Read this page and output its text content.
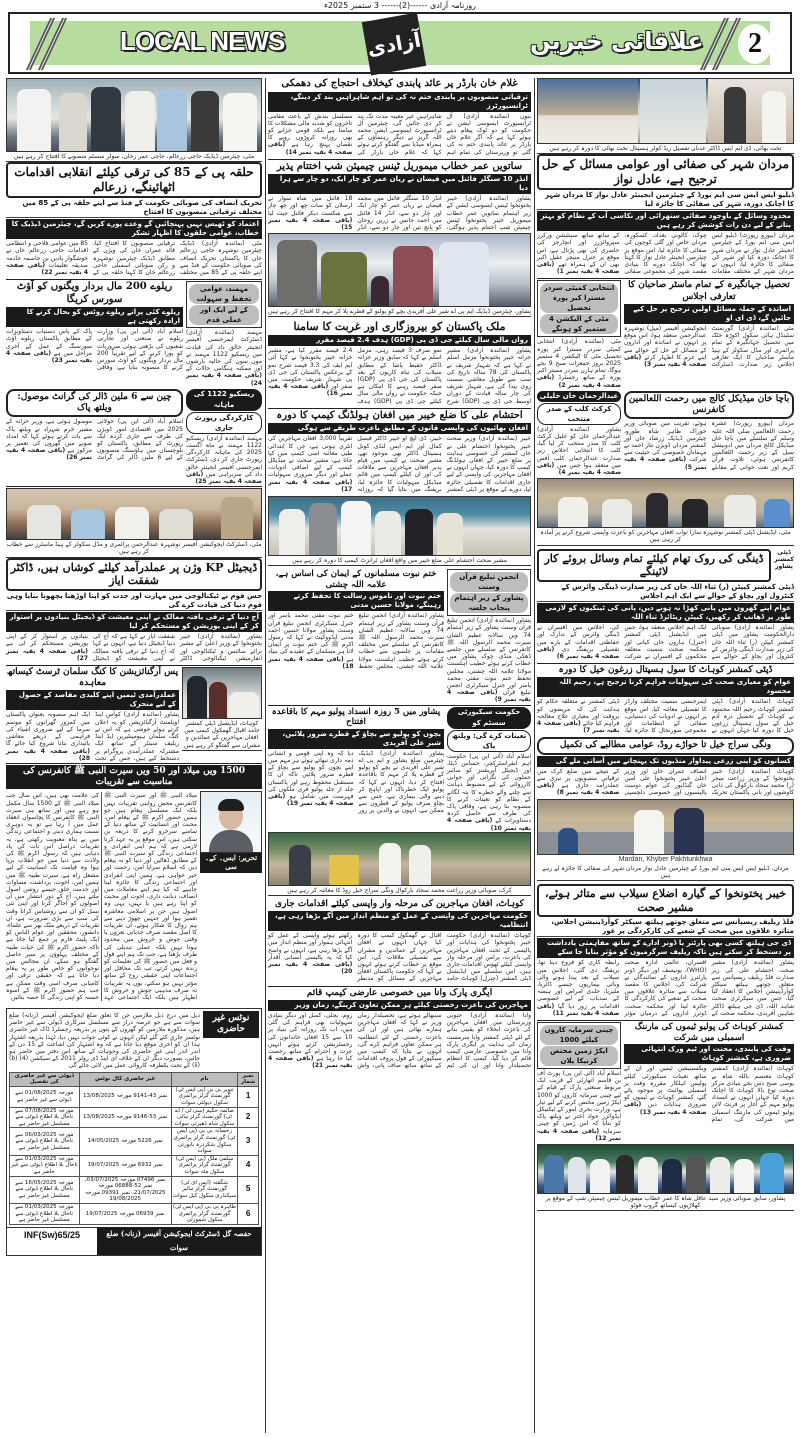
روزنامہ آزادی ------(2)------ 3 ستمبر 2025ء
LOCAL NEWS	آزادی	علاقائی خبریں	2
مٹی، چیئرمین ڈیڈیک حاجی زرعالم، حاجی عمر زخان، سولر سسٹم منصوبے کا افتتاح کر رہے ہیں
حلقہ پی کے 85 کی ترقی کیلئے انقلابی اقدامات اٹھائینگے، زرعالم
تحریک انصاف کی صوبائی حکومت کے فنڈ سے اپنے حلقہ پی کے 85 میں مختلف ترقیاتی منصوبوں کا افتتاح
اعتماد کو ٹھیس نہیں پہنچائیں گے وعدے پورے کریں گے، چیئرمین ڈیڈیک کا خطاب، عوامی حلقوں کا اظہار تشکر
مٹی (نمائندہ آزادی) ڈیڈیک چیئرمین نوشہرہ حاجی زرعالم خان کا پاکستان تحریک انصاف کی صوبائی حکومت کے فنڈ سے اپنے حلقہ پی کے 85 میں مختلف ترقیاتی منصوبوں کا افتتاح کیا، قائد عمران خان کی ویژن کے مطابق ڈیڈیک چیئرمین نوشہرہ و رکن صوبائی اسمبلی حاجی زرعالم خان کا کہنا حلقہ پی کے 85 میں عوامی فلاحی و انتظامی اقدامات حاجی زرعالم خان نے خوشگوار یادیں بن جاسمہ خادمہ صدیقہ تعلیمات (باقی صفحہ 4 بقیہ نمبر 22)
ریلوے 200 مال بردار ویگنوں کو آؤٹ سورس کریگا
ریلوے کئی پرانے ریلوے روٹس کو بحال کرنے کا ارادہ رکھتی ہے
اسلام آباد (آئی این پی) وزارت ریلوے نے صنعتی اور تجارتی شعبوں کی بڑھتی ہوئی ضروریات کو پورا کرنے کے لیے تقریباً 200 مال بردار ویگنوں کو آؤٹ سورس کرنے کا منصوبہ بنایا ہے، وفاقی پاک کے پاس دستیاب دستاویزات کے مطابق پاکستان ریلوے آؤٹ سورسنگ کے عمل کے آخری مراحل میں ہے (باقی صفحہ 4 بقیہ نمبر 23)
مہمند، عوامی تحفظ و سہولت
کے لیے ایک اور عملی قدم
مہمند (نمائندہ آزادی) ڈسٹرکٹ ایمرجنسی آفیسر انجینئر خالق داد کی قیادت میں ریسکیو 1122 مہمند نے مون سون کی حالیہ بارشوں اور ممکنہ ہنگامی حالات کے (باقی صفحہ 4 بقیہ نمبر 24)
چین سے 6 ملین ڈالر کی گرانٹ موصول: ویلتھ پاک
اسلام آباد (آئی این پی) جولائی 2025 میں اقتصادی امور ڈویژن کی طرف سے جاری کردہ ایک رپورٹ کے مطابق، پاکستان کو بلوچستان میں ہاؤسنگ منصوبوں کے لیے 6 ملین ڈالر کی گرانٹ موصول ہوئی ہے، وزیر خزانہ کے مشیر خرم شہزاد نے ویلتھ پاک سے بات کرتے ہوئے کہا کہ امداد صوبے میں گھروں کی تعمیر پر مرکوز ہے (باقی صفحہ 4 بقیہ نمبر 26)
ریسکیو 1122 کی ماہانہ
کارکردگی رپورٹ جاری
مہمند (نمائندہ آزادی) ریسکیو 1122 مہمند نے ماہ اگست 2025 کی ماہانہ کارکردگی رپورٹ جاری کر دی، ڈسٹرکٹ ایمرجنسی آفیسر انجینئر خالق داد کی سربراہی میں (باقی صفحہ 4 بقیہ نمبر 25)
مٹی، ڈسٹرکٹ ایجوکیشن آفیسر نوشہرہ عبدالرحمن پرائمری و مڈل سکولز کے ہیڈ ماسٹرز سے خطاب کر رہے ہیں
ڈیجیٹل KP وژن پر عملدرآمد کیلئے کوشاں ہیں، ڈاکٹر شفقت ایاز
جس قوم نے ٹیکنالوجی میں مہارت اور جدت کو اپنا اوڑھنا بچھونا بنایا وہی قوم دنیا کی قیادت کرے گی
آج دنیا کے ترقی یافتہ ممالک نے اپنی معیشت کو ڈیجیٹل بنیادوں پر استوار کر کے اپنی پوزیشن کو مستحکم کر لیا
پشاور (نمائندہ آزادی) خیبر پختونخوا کے وزیر اعلیٰ کے مشیر برائے سائنس و ٹیکنالوجی اور انفارمیشن ٹیکنالوجی ڈاکٹر شفقت ایاز نے کہا ہے کہ آج کی دنیا ڈیجیٹل دنیا ہے، انہوں نے کہا کہ آج دنیا کے ترقی یافتہ ممالک نے اپنی معیشت کو ڈیجیٹل بنیادوں پر استوار کر کے اپنی پوزیشن مستحکم کر لی ہے (باقی صفحہ 4 بقیہ نمبر 27)
پس آرگنائزیشن کا کنگ سلمان ٹرسٹ کیساتھ معاہدہ
عملدرآمدی ٹیمیں اپنے کلیدی مقاصد کے حصول کے لیے متحرک
پشاور (نمائندہ آزادی) کوآس اینڈ اوپلمنٹ آرگنائزیشن کو یہ اعلان کرتے ہوئے خوشی ہے کہ اس نے کنگ سلمان ہیومینٹیرین ایڈ اینڈ ریلیف سینٹر کے ساتھ ایک مشترکہ عملدرآمدی پروگرام پر دستخط کیے ہیں، جس کے تحت ایک اہم منصوبہ بعنوان پاکستان میں کمزور گھرانوں کو موسم سرما کے لیے ضروری اشیاء کی فراہمی کے ذریعے معاشی پائیداری بنانا شروع کیا جائے گا (باقی صفحہ 4 بقیہ نمبر 28)
کوہاٹ، ایڈیشنل ڈپٹی کمشنر حامد اقبال گھمکول کیمپ میں افغان مہاجرین کے عمائدین و مشران سے گفتگو کر رہے ہیں
1500 ویں میلاد اور 50 ویں سیرت النبی ﷺ کانفرنس کی مناسبت سے تقریبات
میلاد النبی ﷺ اور سیرت النبی ﷺ کانفرنس محض روایتی تقریبات نہیں بلکہ ایک مسلسل پیغام ہیں جو ہمیں حضور اکرم ﷺ کے پیغام امن، محبت اور انسانیت کے ساتھ دنیا کے سامنے سرخرو کرنے کا ذریعہ بن سکتی ہیں، اس موقع پر یہ عہد کرنا لازمی ہے کہ ہم اپنی انفرادی و اجتماعی زندگی کو سیرت النبی ﷺ کے مطابق ڈھالیں اور دنیا کو یہ پیغام دیں کہ اسلام سراپا امن، رحمت اور خیر خواہی ہے، ہمیں اپنی انفرادی اور اجتماعی زندگی کا جائزہ لینا چاہیے کہ کیا ہم اپنے معاملات میں انصاف، دیانت داری، اخوت اور محبت کو اپنا رہے ہیں یا نہیں، یہی وہ اصول ہیں جن پر اسلامی معاشرہ تعمیر ہوا اور جنہیں چھوڑ دینے سے ہم زوال کا شکار ہوئے، ان تقریبات کا اصل مقصد صرف جذباتی نعروں یا وقتی جوش و خروش میں محدود ہونا نہیں بلکہ عملی تبدیلی کی طرف بڑھنا ہے، جب تک ہم اپنے قول و فعل میں حضور ﷺ کی تعلیمات کو زندہ نہیں کرتے، تب تک محافل اور اجتماعات اپنی حقیقی روح کے ساتھ مؤثر نہیں ہو سکتے، یوں یہ تقریبات نہ صرف مذہبی جوش و خروش کا اظہار ہیں بلکہ ایک اجتماعی عہد کی علامت بھی ہیں، اس سال جب میلاد النبی ﷺ کے 1500 سال مکمل ہو رہے ہیں اور ساتھ ہی سیرت النبی ﷺ کانفرنس کا پچاسواں انعقاد عمل میں آ رہا ہے تو یہ دوہری نسبت ہماری دینی و اجتماعی زندگی میں بے پناہ معنویت رکھتی ہے، یہ تقریبات دراصل اس بات کی یاد دہانی ہیں کہ رسول اکرم ﷺ کی ولادت سے دنیا میں جو انقلاب برپا ہوا وہ قیامت تک انسانیت کے لیے مشعل راہ ہے، سیرت طیبہ ﷺ میں ہمیں امن، اخوت، برداشت، مساوات اور خدمت خلق جیسے روشن اصول ملتے ہیں، آج کے دور انتشار میں ان اصولوں کو اجاگر کرنا اور اپنی نئی نسل کو ان سے روشناس کرانا وقت کی سب سے بڑی ضرورت ہے، ان تقریبات کے ذریعے ملک بھر سے علماء، دانشور، محققین اور عوام الناس کو ایک پلیٹ فارم پر جمع کیا جاتا ہے تاکہ حضور اکرم ﷺ کی حیات طیبہ کے مختلف پہلوؤں پر سیر حاصل گفتگو ہو سکے، ان مجالس میں نوجوانوں کو خاص طور پر یہ پیغام دیا جاتا ہے کہ حقیقی ترقی اور کامیابی صرف اسی وقت ممکن ہے جب ہم حضور اکرم ﷺ کے اسوہ حسنہ کو اپنی زندگی کا حصہ بنائیں
تحریر: ایس۔ کے۔ سی
غلام خان بارڈر پر عائد پابندی کیخلاف احتجاج کی دھمکی
ترقیاتی منصوبوں پر پابندی ختم نہ کی تو اہم شاہراہیں بند کر دینگے، ٹرانسپورٹرز
بنوں (نمائندہ آزادی) آل ٹرانسپورٹ ایسوسی ایشن نے حکومت کو دو ٹوک پیغام دیتے ہوئے کہا ہے کہ اگر غلام خان بارڈر پر عائد پابندی ختم نہ کی گئی تو وزیرستان کی تمام اہم شاہراہیں غیر معینہ مدت تک بند کر دی جائیں گی، چیئرمین آل ٹرانسپورٹ ایسوسی ایشن محمد اللہ گریز نے دیگر رہنماؤں کے ہمراہ میڈیا سے گفتگو کرتے ہوئے کہا کہ غلام خان بارڈر کی مسلسل بندش کے باعث مقامی تاجروں کو شدید مالی مشکلات کا سامنا ہے بلکہ قومی خزانے کو بھی روزانہ کروڑوں روپے کا نقصان پہنچ رہا ہے (باقی صفحہ 4 بقیہ نمبر 14)
ساتویں عمر خطاب میموریل ٹینس چیمپئن شپ اختتام پذیر
انڈر 10 سنگلز فائنل میں فیضان نے ریان عمر کو چار ایک، دو چار سے ہرا دیا
پشاور (نمائندہ آزادی) خیبر پختونخوا ٹینس ایسوسی ایشن کے زیر اہتمام ساتویں عمر خطاب میموریل خیبر پختونخوا ٹینس چیمپئن شپ اختتام پذیر ہوگئی، انڈر 10 سنگلز فائنل میں محمد فیضان نے ریان عمر کو چار ایک اور چار دو سے، انڈر 14 فائنل میں احمد جانس نے زرین روحان کو پانچ تین اور چار دو سے، انڈر 18 فائنل میں شاہ سوار نے ارسلان کو سات چھ اور چھ چار سے شکست دیکر فائنل جیت لیا (باقی صفحہ 4 بقیہ نمبر 15)
پشاور، چیئرمین ڈیڈیک ایم پی اے شیر علی آفریدی بچے کو پولیو کے قطرے پلا کر مہم کا افتتاح کر رہے ہیں
ملک پاکستان کو بیروزگاری اور غربت کا سامنا
رواں مالی سال کیلئے جی ڈی پی (GDP) ہدف 2.4 فیصد مقرر
پشاور (نمائندہ آزادی) مشیر خزانہ خیبر پختونخوا مزمل اسلم نے کہا ہے کہ شہباز شریف نے پاکستان کی 78 سالہ تاریخ کی سب سے طویل معاشی سست روی پیدا کی ہے، شہباز شریف کی چار سالہ قیادت کے دوران اوسط جی ڈی پی (GDP) شرح نمو صرف 3 فیصد رہی، مزمل اسلم نے کہا کہ سابق وزیر خزانہ ڈاکٹر حفیظ پاشا کے مطابق سیلاب کی تباہ کاریوں کے بعد پاکستان کی جی ڈی پی (GDP) صفر فیصد رہنے کا امکان ہے جبکہ حکومت نے رواں مالی سال کیلئے جی ڈی پی (GDP) ہدف 2.4 فیصد مقرر کیا ہے، مشیر خزانہ خیبر پختونخوا نے کہا آئی ایم ایف کی 3.3 فیصد شرح نمو کے برعکس پاکستان کی جی ڈی پی شہباز شریف حکومت میں صفر اور (باقی صفحہ 4 بقیہ نمبر 16)
احتشام علی کا ضلع خیبر میں افغان ہولڈنگ کیمپ کا دورہ
افغان بھائیوں کی واپسی قانون کے مطابق باعزت طریقے سے ہوگی
خیبر (نمائندہ آزادی) وزیر صحت خیبر پختونخوا احتشام علی نے خان کمشنر کی خصوصی ہدایت پر ضلع خیبر کے افغان ہولڈنگ کیمپ کا دورہ کیا، جہاں انہوں نے افغان مہاجرین کی واپسی کے لیے جاری اقدامات کا تفصیلی جائزہ لیا، دورے کے موقع پر ڈپٹی کمشنر خیبر، ڈی ایچ او خیبر ڈاکٹر فیصل کمال اور ایم ایس لنڈی کوتل ہسپتال ڈاکٹر بھی موجود تھے، مشیر صحت نے کیمپ میں قیام پذیر افغان مہاجرین سے ملاقات کی اور ان کیلئے کیمپ میں قائم میڈیکل سہولیات کا جائزہ لیا، بریفنگ میں بتایا گیا کہ روزانہ تقریباً 3,000 افغان مہاجرین کی انٹری ہوتی ہے، جن کا ابتدائی طبی معائنہ اسی کیمپ میں کیا جاتا ہے، مشیر صحت نے میڈیکل کیمپ کے لیے اضافی ادویات، عملے اور دیگر ضروری سہولیات (باقی صفحہ 4 بقیہ نمبر 17)
مشیر صحت احتشام علی ضلع خیبر میں واقع افغان ٹرانزٹ کیمپ کا دورہ کر رہے ہیں
ختم نبوت مسلمانوں کے ایمان کی اساس ہے، علامہ اللہ چشتی
ختم نبوت اور ناموس رسالت کا تحفظ کرتے رہینگے، مولانا حسین مدنی
پشاور (نمائندہ آزادی) انجمن تبلیغ قرآن وسنت پشاور کے زیر اہتمام 74 ویں سالانہ عظیم الشان سیرت محمد الرسول اللہ ﷺ کانفرنس کے سلسلے میں مختلف مقامات پر جلسوں سے خطاب کرتے ہوئے خطیب اہلسنت مولانا علامہ اللہ چشتی، مجلس تحفظ ختم نبوت مفتی محمد یاسر اور جنرل سیکرٹری انجمن تبلیغ قرآن وسنت پشاور مولانا حسین احمد مدنی ایڈووکیٹ نے کہا کہ رسول اکرم ﷺ کی ختم نبوت پر ایمان لانا ہر مسلمان کے عقیدے کی بنیاد ہے (باقی صفحہ 4 بقیہ نمبر 18)
انجمن تبلیغ قرآن وسنت
پشاور کے زیر اہتمام پنجاب جلسہ
پشاور (نمائندہ آزادی) انجمن تبلیغ قرآن وسنت پشاور کے زیر اہتمام 74 ویں سالانہ عظیم الشان سیرت محمد الرسول اللہ ﷺ کانفرنس کے سلسلے میں جلسے ڈھکی منڈی چوک پشاور میں خطاب کرتے ہوئے خطیب اہلسنت مولانا علامہ اللہ چشتی، مجلس تحفظ ختم نبوت مفتی محمد یاسر اور جنرل سیکرٹری انجمن تبلیغ قرآن (باقی صفحہ 4 بقیہ نمبر 9)
پشاور میں 5 روزہ انسداد پولیو مہم کا باقاعدہ افتتاح
بچوں کو پولیو سے بچاؤ کے قطرے ضرور پلائیں، شیر علی آفریدی
پشاور (نمائندہ آزادی) ڈیڈیک چیئرمین ضلع پشاور و ایم پی اے شیر علی آفریدی نے بچے کو پولیو کے قطرے پلا کر مہم کا باقاعدہ افتتاح کر دیا، انہوں نے کہا کہ پولیو ایک خطرناک اور اپاہج کر دینے والی بیماری ہے، جس سے بچاؤ صرف پولیو کے قطروں سے ممکن ہے، انہوں نے والدین پر زور دیا کہ وہ اپنی قومی و انسانی ذمہ داری نبھاتے ہوئے ہر مہم میں اپنے بچوں کو پولیو سے بچاؤ کے قطرے ضرور پلائیں تاکہ ان کا مستقبل محفوظ رہے اور پاکستان جلد از جلد پولیو فری ملکوں کی فہرست میں شامل ہو (باقی صفحہ 4 بقیہ نمبر 19)
حکومت سیکیورٹی سسٹم کو
تعینات کرے گی: ویلتھ پاک
اسلام آباد (آئی این پی) حکومت اہم انفراسٹرکچر، حساس ڈیٹا، اور ڈیجیٹل آپریشنز کو سائبر حملوں کی نگرانی اور جوابی کارروائی کے لیے مضبوط ذہانت سے چلنے والے خطرے کا پتہ لگانے کے نظام کو تعینات کرنے کا منصوبہ بنا رہی ہے، وفاقی پاک کی طرف سے حاصل کردہ دستاویزات کے (باقی صفحہ 4 بقیہ نمبر 10)
کرک، صوبائی وزیر زراعت محمد سجاد بارکوال ونگی سراج خیل روڈ کا معائنہ کر رہے ہیں
کوہاٹ، افغان مہاجرین کی مرحلہ وار واپسی کیلئے اقدامات جاری
حکومت مہاجرین کی واپسی کے عمل کو منظم انداز میں آگے بڑھا رہی ہے، انتظامیہ
کوہاٹ (نمائندہ آزادی) حکومت خیبر پختونخوا کی ہدایات اور پالیسی کے تحت افغان مہاجرین کی باعزت، پرامن اور مرحلہ وار واپسی کیلئے ٹھوس اقدامات جاری ہیں، اس سلسلے میں ایڈیشنل ڈپٹی کمشنر (جنرل) کوہاٹ حامد اقبال نے گھمکول کیمپ کا دورہ کیا جہاں انہوں نے افغان مہاجرین کے عمائدین و مشران سے تفصیلی ملاقات کی، اس موقع پر خطاب کرتے ہوئے انہوں نے کہا کہ حکومت پاکستان افغان مہاجرین کے مسائل کو مدنظر رکھتے ہوئے واپسی کے عمل کو انتہائی ہموار اور منظم انداز میں آگے بڑھا رہی ہے، انہوں نے واضح کیا کہ یہ پالیسی انسانی اقدار (باقی صفحہ 4 بقیہ نمبر 20)
ایگری پارک وانا میں خصوصی عارضی کیمپ قائم
مہاجرین کی باعزت رخصتی کیلئے ہر ممکن تعاون کرینگے، زمان وزیر
وانا (نمائندہ آزادی) جنوبی وزیرستان میں افغان مہاجرین کی باعزت انخلاء کو یقینی بنانے کے لئے ڈپٹی کمشنر وانا سرمست زمان کی ہدایت پر ایگری پارک وانا میں خصوصی عارضی کیمپ قائم کر دیا گیا، کیمپ کا انتظام تحصیلدار وانا اور ان کی ٹیم سنبھالے ہوئے ہے، تحصیلدار زمان وزیر نے کہا کہ افغان مہاجرین ہمارے بھائی ہیں اور ان کی باعزت رخصتی کے لئے انتظامیہ ہر ممکن تعاون فراہم کرے گی، انہوں نے بتایا کہ کیمپ میں سیکیورٹی کے فول پروف اقدامات کے ساتھ ساتھ صاف پانی، واش روم، بجلی، کمبل اور دیگر بنیادی سہولیات بھی فراہم کی گئی ہیں، اب تک روزانہ کی بنیاد پر 10 سے 15 افغان خاندانوں کی رجسٹریشن کرتے ہوئے انہیں عزت و احترام کے ساتھ رخصت کیا جا رہا ہے (باقی صفحہ 4 بقیہ نمبر 21)
تخت بھائی، ڈی ایم ایس ڈاکٹر عدنان تفصیل ریڈ کولر ہسپتال تخت بھائی کا دورہ کر رہے ہیں
مردان شہر کی صفائی اور عوامی مسائل کے حل ترجیح ہے، عادل نواز
ڈبلیو ایس ایس سی ایم بورڈ کے چیئرمین انجینئر عادل نواز کا مردان شہر کا اچانک دورہ، شہر کی صفائی کا جائزہ لیا
محدود وسائل کے باوجود صفائی ستھرائی اور نکاسی آب کے نظام کو بہتر بنانے کے لیے دن رات کوشش کر رہے ہیں
مردان (بیورو رپورٹ) ڈبلیو ایس ایس سی ایم بورڈ کے چیئرمین انجینئر عادل نواز نے مردان شہر کا اچانک دورہ کیا اور شہر کی صفائی کا جائزہ لیا، انہوں نے مردان شہر کے مختلف مقامات چوک، کالونی بغداد، کسکورہ، مردان خاص اور گلی کوچوں کی صفائی کا جائزہ لیا، اس موقع پر چیئرمین انجینئر عادل نواز کا کہنا تھا کہ اچانک دورے کا بنیادی مقصد شہر کی مجموعی صفائی کے ساتھ ساتھ سینٹیشن ورکرز سپروائزرز اور انچارجز کی حاضری کی بھی پڑتال ہے، اس موقع پر جنرل منیجر عقیل اکبر بھی ان کے ہمراہ تھے (باقی صفحہ 4 بقیہ نمبر 1)
انتخابی کمیٹی سردر مسترا کبر پورہ تحصیل
مٹی کے الیکشن 4 ستمبر کو ہونگے
مٹی (نمائندہ آزادی) انتخابی کمیٹی سردر مسترا کبر پورہ تحصیل مٹی کا الیکشن 4 ستمبر 2025 بروز جمعرات صبح 9 بجے ہوگا، تمام ہارن سردر مستر اکبر پورہ کے ساتھ رجسٹرڈ (باقی صفحہ 4 بقیہ نمبر 2)
تحصیل جہانگیرہ کے تمام ماسٹر صاحبان کا تعارفی اجلاس
اساتذہ کے جملہ مسائل اولین ترجیح پر حل کیے جائیں گے، ڈی ای او
مٹی (نمائندہ آزادی) گورنمنٹ سٹینڈل ہائی سکول اکوڑہ خٹک میں تحصیل جہانگیرہ کے تمام پرائمری اور مڈل سکولز کے ہیڈ ماسٹر صاحبان کا ایک تعارفی اجلاس زیر صدارت ڈسٹرکٹ ایجوکیشن آفیسر (میل) نوشہرہ عبدالرحمن منعقد ہوا، اس موقع پر انہوں نے اساتذہ اور اداروں کے مسائل کے حل کے حوالے سے اپنے عزم کا اظہار کرتے (باقی صفحہ 4 بقیہ نمبر 3)
عبدالرحمان خان خلیلی
کرکٹ کلب کے صدر منتخب
پشاور (نمائندہ آزادی) عبدالرحمان خان کو خلیل کرکٹ کلب کا صدر منتخب کر لیا گیا، کلب کا انتخابی اجلاس زیر صدارت عبدالرحمان کلب آفس میں منعقد ہوا جس میں (باقی صفحہ 4 بقیہ نمبر 4)
باچا خان میڈیکل کالج میں رحمت اللعالمین کانفرنس
مردان (بیورو رپورٹ) عشرہ رحمت اللعالمین صلی اللہ علیہ وسلم کے سلسلے میں باچا خان میڈیکل کالج مردان میں ادوبیشل سیل کے زیر رحمت اللعالمین کانفرنس ہوئی، تلاوت قرآن کریم اور نعت خوانی کے مقابلے ہوئے، تقریب میں صوبائی وزیر خوراک ظاہر شاہ طورو، چیئرمین ڈیڈیک زرشاد خان اور کمشنر مردان ڈویژن نثار احمد نے مہمانان خصوصی کی حیثیت سے شرکت (باقی صفحہ 4 بقیہ نمبر 5)
مٹی، ایڈیشنل ڈپٹی کمشنر نوشہرہ سارا تواب افغان مہاجرین کو باعزت واپسی شروع کرنے پر آمادہ کر رہی ہیں
ڈینگی کی روک تھام کیلئے تمام وسائل بروئے کار لائینگے
ڈپٹی کمشنر پشاور
ڈپٹی کمشنر کیپٹن (ر) ثناء اللہ خان کی زیر صدارت ڈینگی وائرس کے کنٹرول اور بچاؤ کے حوالے سے ایک اہم اجلاس
عوام اپنے گھروں میں پانی کھڑا نہ ہونے دیں، پانی کی ٹینکیوں کو لازمی طور پر ڈھانپ کر رکھیں، کیپٹن ریٹائرڈ ثناء اللہ
پشاور (نمائندہ آزادی) صوبائی دارالحکومت پشاور میں ڈپٹی کمشنر کیپٹن (ر) ثناء اللہ خان کی زیر صدارت ڈینگی وائرس کے کنٹرول اور بچاؤ کے حوالے سے ایک اہم اجلاس منعقد ہوا، جس میں ایڈیشنل ڈپٹی کمشنر (جنرل) ہارون خان کیانی اور محکمہ صحت سمیت متعلقہ محکموں کے افسران نے شرکت کی، اجلاس میں افسران نے ڈینگی وائرس کے تدارک اور حفاظتی اقدامات کے بارے میں تفصیلی بریفنگ دی (باقی صفحہ 4 بقیہ نمبر 6)
ڈپٹی کمشنر کوہاٹ کا سول ہسپتال زرغون خیل کا دورہ
عوام کو معیاری صحت کی سہولیات فراہم کرنا ترجیح ہے، رحیم اللہ محسود
کوہاٹ (نمائندہ آزادی) ڈپٹی کمشنر کوہاٹ رحیم اللہ محسود نے کوہاٹ کے تحصیل درہ آدم خیل کے سول ہسپتال زرغون خیل کا دورہ کیا جہاں انہوں نے ایمرجنسی سمیت مختلف وارڈز کا تفصیلی معائنہ کیا، اس موقع پر انہوں نے ادویات کی دستیابی، صفائی کے انتظامات اور مجموعی صورتحال کا جائزہ لیا، ڈپٹی کمشنر نے متعلقہ حکام کو ہدایت کی کہ مریضوں کو بروقت اور معیاری علاج معالجہ فراہم کیا جائے (باقی صفحہ 4 بقیہ نمبر 7)
ونگی سراج خیل تا حواڑے روڈ، عوامی مطالبے کی تکمیل
کسانوں کو اپنی زرعی پیداوار منڈیوں تک پہنچانے میں آسانی ملے گی
کوہاٹ (نمائندہ آزادی) خیبر پختونخوا کے وزیر زراعت میجر (ر) محمد سجاد بارکوال کی ذاتی کاوشوں اور بانی پاکستان تحریک انصاف عمران خان اور وزیر اعلیٰ خیبر پختونخوا علی امین خان گنڈاپور کی عوام دوست پالیسیوں اور خصوصی دلچسپی کے نتیجے میں ضلع کرک میں ترقیاتی منصوبوں پر تیزی سے عملدرآمد جاری ہے (باقی صفحہ 4 بقیہ نمبر 8)
Mardan, Khyber Pakhtunkhwa
مردان، ڈبلیو ایس ایس سی ایم بورڈ کے چیئرمین عادل نواز مردان شہر کی صفائی کا جائزہ لے رہے ہیں
خیبر پختونخوا کے گیارہ اضلاع سیلاب سے متاثر ہوئے، مشیر صحت
فلڈ ریلیف ریسپانس سے متعلق چوتھے ہیلتھ سیکٹر کوآرڈینیشن اجلاس، متاثرہ علاقوں میں صحت کے شعبے کی کارکردگی پر غور
ڈی جی ہیلتھ کسی بھی پارٹنر یا ڈونر ادارے کے ساتھ مفاہمتی یادداشت پر دستخط کر سکتے ہیں تاکہ ریلیف سرگرمیوں کو مؤثر بنایا جا سکے
پشاور (نمائندہ آزادی) مشیر صحت احتشام علی کی زیر صدارت فلڈ ریلیف ریسپانس سے متعلق چوتھے ہیلتھ سیکٹر کوآرڈینیشن اجلاس کا انعقاد کیا گیا، جس میں سیکرٹری صحت شاہد اللہ، ڈی جی ہیلتھ ڈاکٹر شاہین آفریدی، محکمہ صحت کے افسران، عالمی ادارہ صحت (WHO)، یونیسف اور دیگر ڈونر پارٹنرز اداروں کے نمائندگان نے شرکت کی، اجلاس کا مقصد سیلاب سے متاثرہ علاقوں میں صحت کے شعبے کی کارکردگی کا جائزہ لینا اور محکمہ صحت، ڈونرز اداروں کے درمیان مؤثر رابطہ کاری کو فروغ دینا تھا، بریفنگ دی گئی، اجلاس میں سیلاب کے بعد پیدا ہونے والی وبائی بیماریوں جیسے ڈائریا، ملیریا، جلدی امراض اور ہیضہ کے سدباب کے لیے خصوصی اقدامات پر زور دیا گیا (باقی صفحہ 4 بقیہ نمبر 11)
چینی سرمایہ کاروں کیلئے 1000
ایکڑ زمین مختص کرنیکا پلان
اسلام آباد (آئی این پی) پورٹ آف بن قاسم اتھارٹی کے قریب ایک مربوط صنعتی پارک کے قیام کے لیے چینی سرمایہ کاروں کو 1000 ایکڑ زمین مختص کرنے کے لیے تیار ہے، وزارت بحری امور کے ٹیکنیکل ایڈوائزر جواد اختر نے ویلتھ پاک کو بتایا کہ اس زمین کو چینی سرمایہ (باقی صفحہ 4 بقیہ نمبر 12)
کمشنر کوہاٹ کی پولیو ٹیموں کی مارننگ اسمبلی میں شرکت
وقت کی پابندی، محنت اور ٹیم ورک انتہائی ضروری ہے، کمشنر کوہاٹ
کوہاٹ (نمائندہ آزادی) کمشنر کوہاٹ معتصم باللہ شاہ نے یوسی صبح دس بجے بنیادی مرکز صحت توغ بالا کوہاٹ کا اچانک دورہ کیا جہاں انہوں نے انسداد پولیو مہم کے آغاز پر فرنٹ لائن پولیو ٹیموں کی مارننگ اسمبلی میں شرکت کی، تمام ویکسینیشن ٹیمیں اور ان کے ساتھ تعینات سیکیورٹی کیلئے پولیس اہلکار مقررہ وقت پر اسمبلی پوائنٹ پر موجود پائے گئے، کمشنر کوہاٹ نے ٹیموں کو ضروری ہدایات دیں (باقی صفحہ 4 بقیہ نمبر 13)
پشاور، سابق صوبائی وزیر سید عاقل شاہ کا عمر خطاب میموریل ٹینس چیمپئن شپ کے موقع پر کھلاڑیوں کیساتھ گروپ فوٹو
ذیل میں درج ذیل ملازمین جن کا تعلق ضلع ایجوکیشن آفیسر (زنانہ) ضلع سوات سے ہے جو عرصہ دراز سے مسلسل سرکاری ڈیوٹی سے غیر حاضر ہیں، مذکورہ ملازمین کو گھروں کے پتوں پر بذریعہ رجسٹرڈ ڈاک غیر حاضری نوٹسز جاری کئے گئے لیکن انہوں نے کوئی جواب نہیں دیا، لہٰذا بذریعہ اشتہار ہذا ان کو آخری موقع دیا جاتا ہے کہ وہ اشتہار کی اشاعت کے 15 دن کے اندر اندر اپنی غیر حاضری کی وجوہات کے ساتھ اس دفتر میں حاضر ہو جائیں، بصورت دیگر ان کے خلاف ای اینڈ ڈی رولز 2011 کے سیکشن (4) (b) (ii) کے تحت یکطرفہ کاروائی عمل میں لائی جائے گی
نوٹس غیر حاضری
نمبر شمار	نام	غیر حاضری کال نوٹس	ڈیوٹی سے غیر حاضری کی تفصیل
1	تنویر بی بی (پی ایس ٹی) گورنمنٹ گرلز پرائمری سکول دیولئی سوات	نمبر 43-9141 مورخہ 13/08/2025	مورخہ 01/08/2025 سے ڈیوٹی سے غیر حاضر ہے
2	صائمہ حکیم (سی ٹی / اے ٹی) گورنمنٹ گرلز ہائی سکول شاہ ڈھیرئی سوات	نمبر 53-9146 مورخہ 13/08/2025	مورخہ 07/08/2025 سے تاحال بلا اطلاع ڈیوٹی سے مسلسل غیر حاضر ہے
3	رخسانہ بی بی (پی ایس ٹی) گورنمنٹ گرلز پرائمری سکول شکردرہ بابوزئی سوات	نمبر 5226 مورخہ 14/05/2025	مورخہ 06/03/2025 سے تاحال بلا اطلاع ڈیوٹی سے مسلسل غیر حاضر ہے
4	سلمیٰ ملک (پی ایس ٹی) گورنمنٹ گرلز پرائمری سکول مٹہ سوات	نمبر 6932 مورخہ 19/07/2025	مورخہ 01/03/2025 سے تاحال بلا اطلاع ڈیوٹی سے غیر حاضر ہے
5	شگفتہ (ایس ای ٹی) گورنمنٹ گرلز ہائیر سیکنڈری سکول کبل سوات	نمبر 07496 مورخہ 03/07/2025، نمبر 52-06888 مورخہ 21/07/2025، نمبر 09391 مورخہ 19/08/2025	مورخہ 16/05/2025 سے تاحال بلا اطلاع ڈیوٹی سے مسلسل غیر حاضر ہے
6	طاہرہ بی بی (پی ایس ٹی) گورنمنٹ گرلز پرائمری سکول شموزئی	نمبر 06939 مورخہ 19/07/2025	مورخہ 01/03/2025 سے تاحال بلا اطلاع ڈیوٹی سے مسلسل غیر حاضر ہے
INF(Sw)65/25	حفصہ گل ڈسٹرکٹ ایجوکیشن آفیسر (زنانہ) ضلع سوات
